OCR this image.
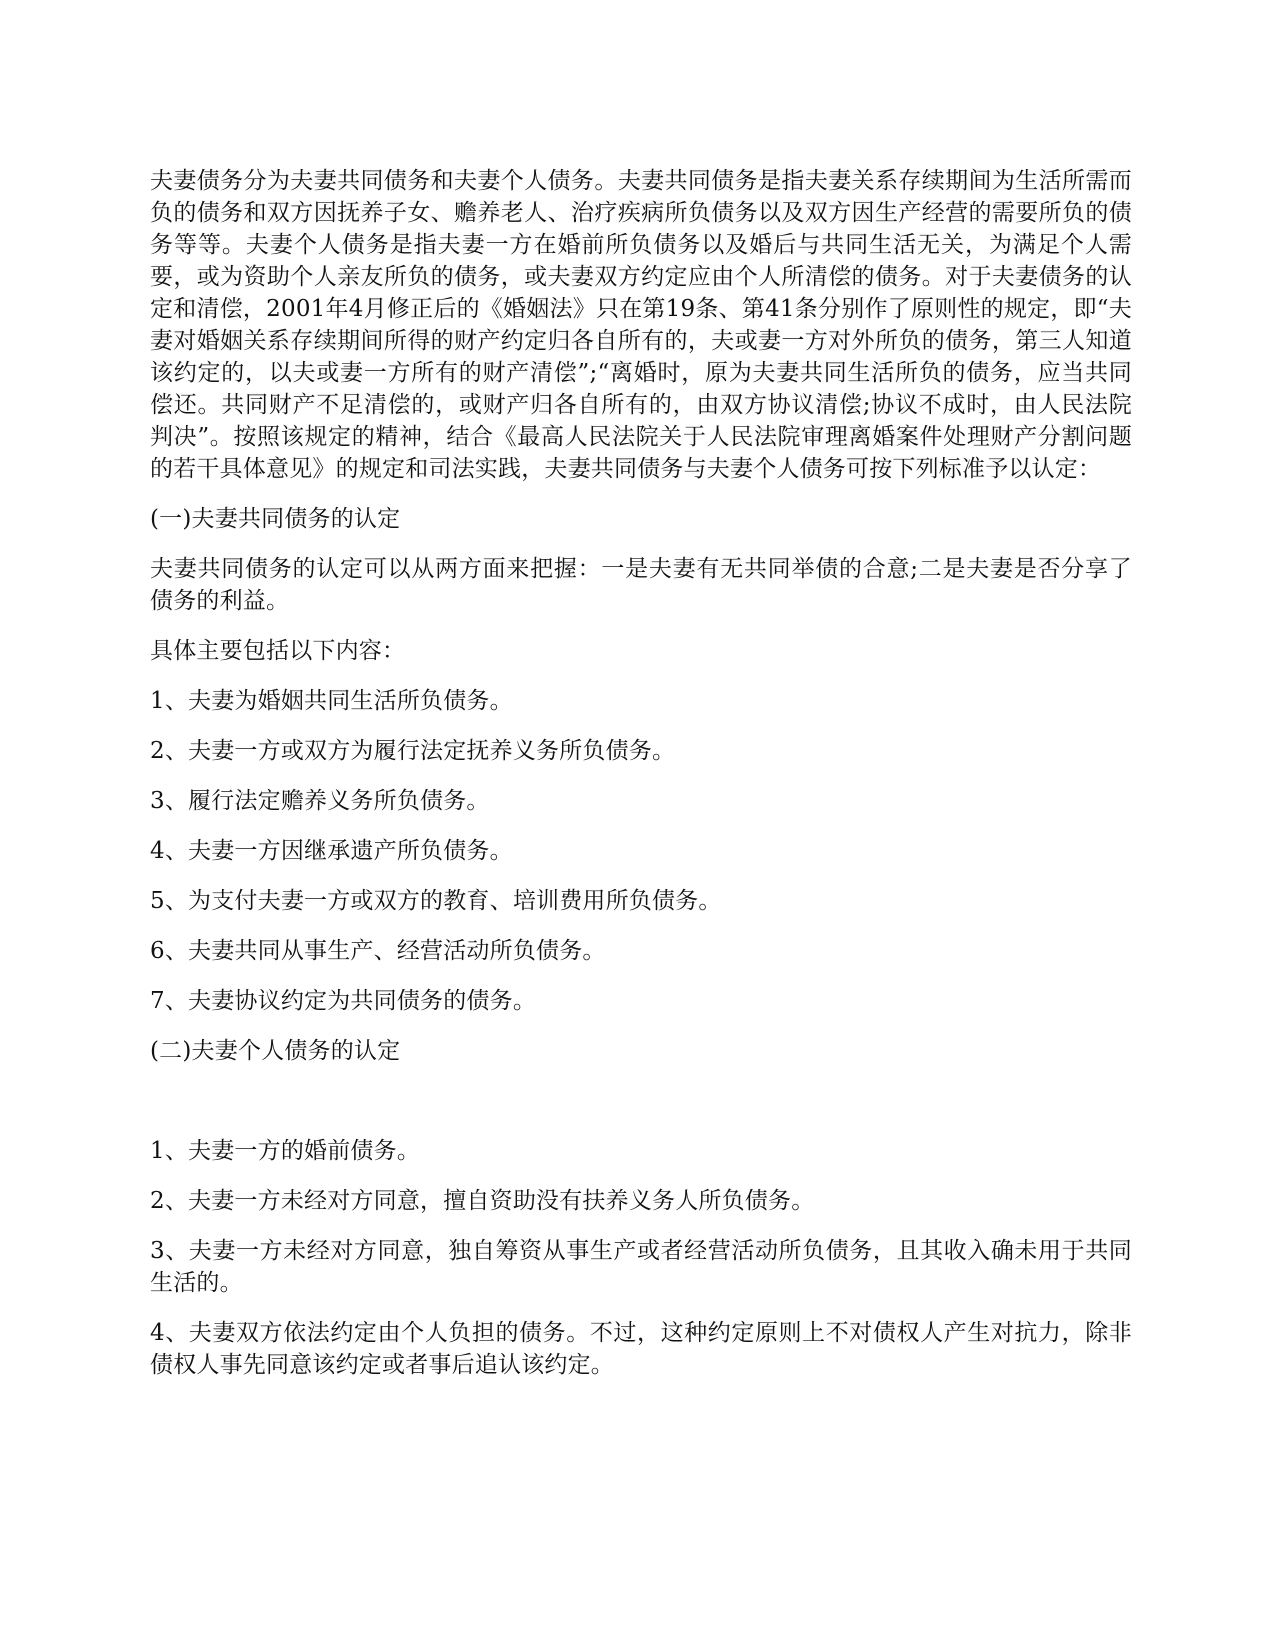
夫妻债务分为夫妻共同债务和夫妻个人债务。夫妻共同债务是指夫妻关系存续期间为生活所需而负的债务和双方因抚养子女、赡养老人、治疗疾病所负债务以及双方因生产经营的需要所负的债务等等。夫妻个人债务是指夫妻一方在婚前所负债务以及婚后与共同生活无关，为满足个人需要，或为资助个人亲友所负的债务，或夫妻双方约定应由个人所清偿的债务。对于夫妻债务的认定和清偿，2001年4月修正后的《婚姻法》只在第19条、第41条分别作了原则性的规定，即“夫妻对婚姻关系存续期间所得的财产约定归各自所有的，夫或妻一方对外所负的债务，第三人知道该约定的，以夫或妻一方所有的财产清偿”;“离婚时，原为夫妻共同生活所负的债务，应当共同偿还。共同财产不足清偿的，或财产归各自所有的，由双方协议清偿;协议不成时，由人民法院判决”。按照该规定的精神，结合《最高人民法院关于人民法院审理离婚案件处理财产分割问题的若干具体意见》的规定和司法实践，夫妻共同债务与夫妻个人债务可按下列标准予以认定：

(一)夫妻共同债务的认定

夫妻共同债务的认定可以从两方面来把握：一是夫妻有无共同举债的合意;二是夫妻是否分享了债务的利益。

具体主要包括以下内容：

1、夫妻为婚姻共同生活所负债务。

2、夫妻一方或双方为履行法定抚养义务所负债务。

3、履行法定赡养义务所负债务。

4、夫妻一方因继承遗产所负债务。

5、为支付夫妻一方或双方的教育、培训费用所负债务。

6、夫妻共同从事生产、经营活动所负债务。

7、夫妻协议约定为共同债务的债务。

(二)夫妻个人债务的认定

1、夫妻一方的婚前债务。

2、夫妻一方未经对方同意，擅自资助没有扶养义务人所负债务。

3、夫妻一方未经对方同意，独自筹资从事生产或者经营活动所负债务，且其收入确未用于共同生活的。

4、夫妻双方依法约定由个人负担的债务。不过，这种约定原则上不对债权人产生对抗力，除非债权人事先同意该约定或者事后追认该约定。
